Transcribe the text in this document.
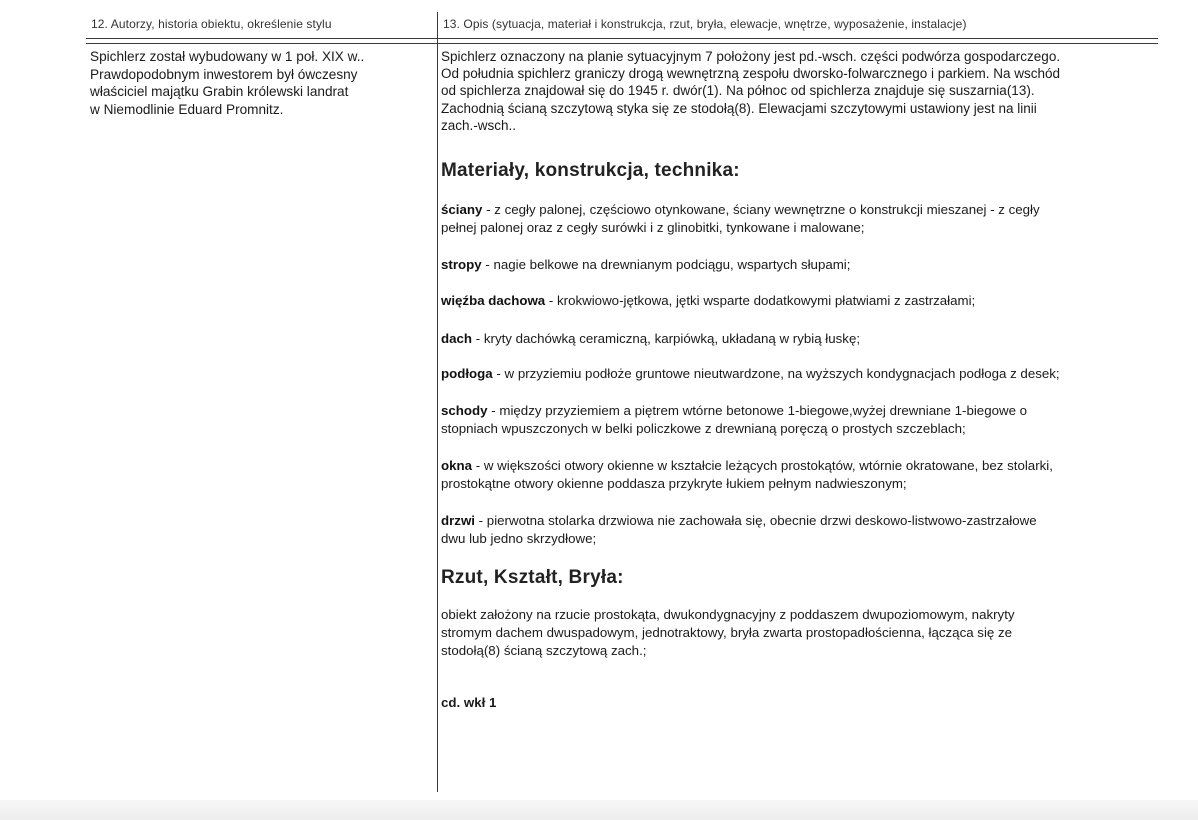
12. Autorzy, historia obiektu, określenie stylu	13. Opis (sytuacja, materiał i konstrukcja, rzut, bryła, elewacje, wnętrze, wyposażenie, instalacje)

Spichlerz został wybudowany w 1 poł. XIX w..

Prawdopodobnym inwestorem był ówczesny

właściciel majątku Grabin królewski landrat

w Niemodlinie Eduard Promnitz.

Spichlerz oznaczony na planie sytuacyjnym 7 położony jest pd.-wsch. części podwórza gospodarczego.

Od południa spichlerz graniczy drogą wewnętrzną zespołu dworsko-folwarcznego i parkiem. Na wschód

od spichlerza znajdował się do 1945 r. dwór(1). Na północ od spichlerza znajduje się suszarnia(13).

Zachodnią ścianą szczytową styka się ze stodołą(8). Elewacjami szczytowymi ustawiony jest na linii

zach.-wsch..

Materiały, konstrukcja, technika:

ściany - z cegły palonej, częściowo otynkowane, ściany wewnętrzne o konstrukcji mieszanej - z cegły

pełnej palonej oraz z cegły surówki i z glinobitki, tynkowane i malowane;

stropy - nagie belkowe na drewnianym podciągu, wspartych słupami;

więźba dachowa - krokwiowo-jętkowa, jętki wsparte dodatkowymi płatwiami z zastrzałami;

dach - kryty dachówką ceramiczną, karpiówką, układaną w rybią łuskę;

podłoga - w przyziemiu podłoże gruntowe nieutwardzone, na wyższych kondygnacjach podłoga z desek;

schody - między przyziemiem a piętrem wtórne betonowe 1-biegowe,wyżej drewniane 1-biegowe o

stopniach wpuszczonych w belki policzkowe z drewnianą poręczą o prostych szczeblach;

okna - w większości otwory okienne w kształcie leżących prostokątów, wtórnie okratowane, bez stolarki,

prostokątne otwory okienne poddasza przykryte łukiem pełnym nadwieszonym;

drzwi - pierwotna stolarka drzwiowa nie zachowała się, obecnie drzwi deskowo-listwowo-zastrzałowe

dwu lub jedno skrzydłowe;

Rzut, Kształt, Bryła:

obiekt założony na rzucie prostokąta, dwukondygnacyjny z poddaszem dwupoziomowym, nakryty

stromym dachem dwuspadowym, jednotraktowy, bryła zwarta prostopadłościenna, łącząca się ze

stodołą(8) ścianą szczytową zach.;

cd. wkł 1
